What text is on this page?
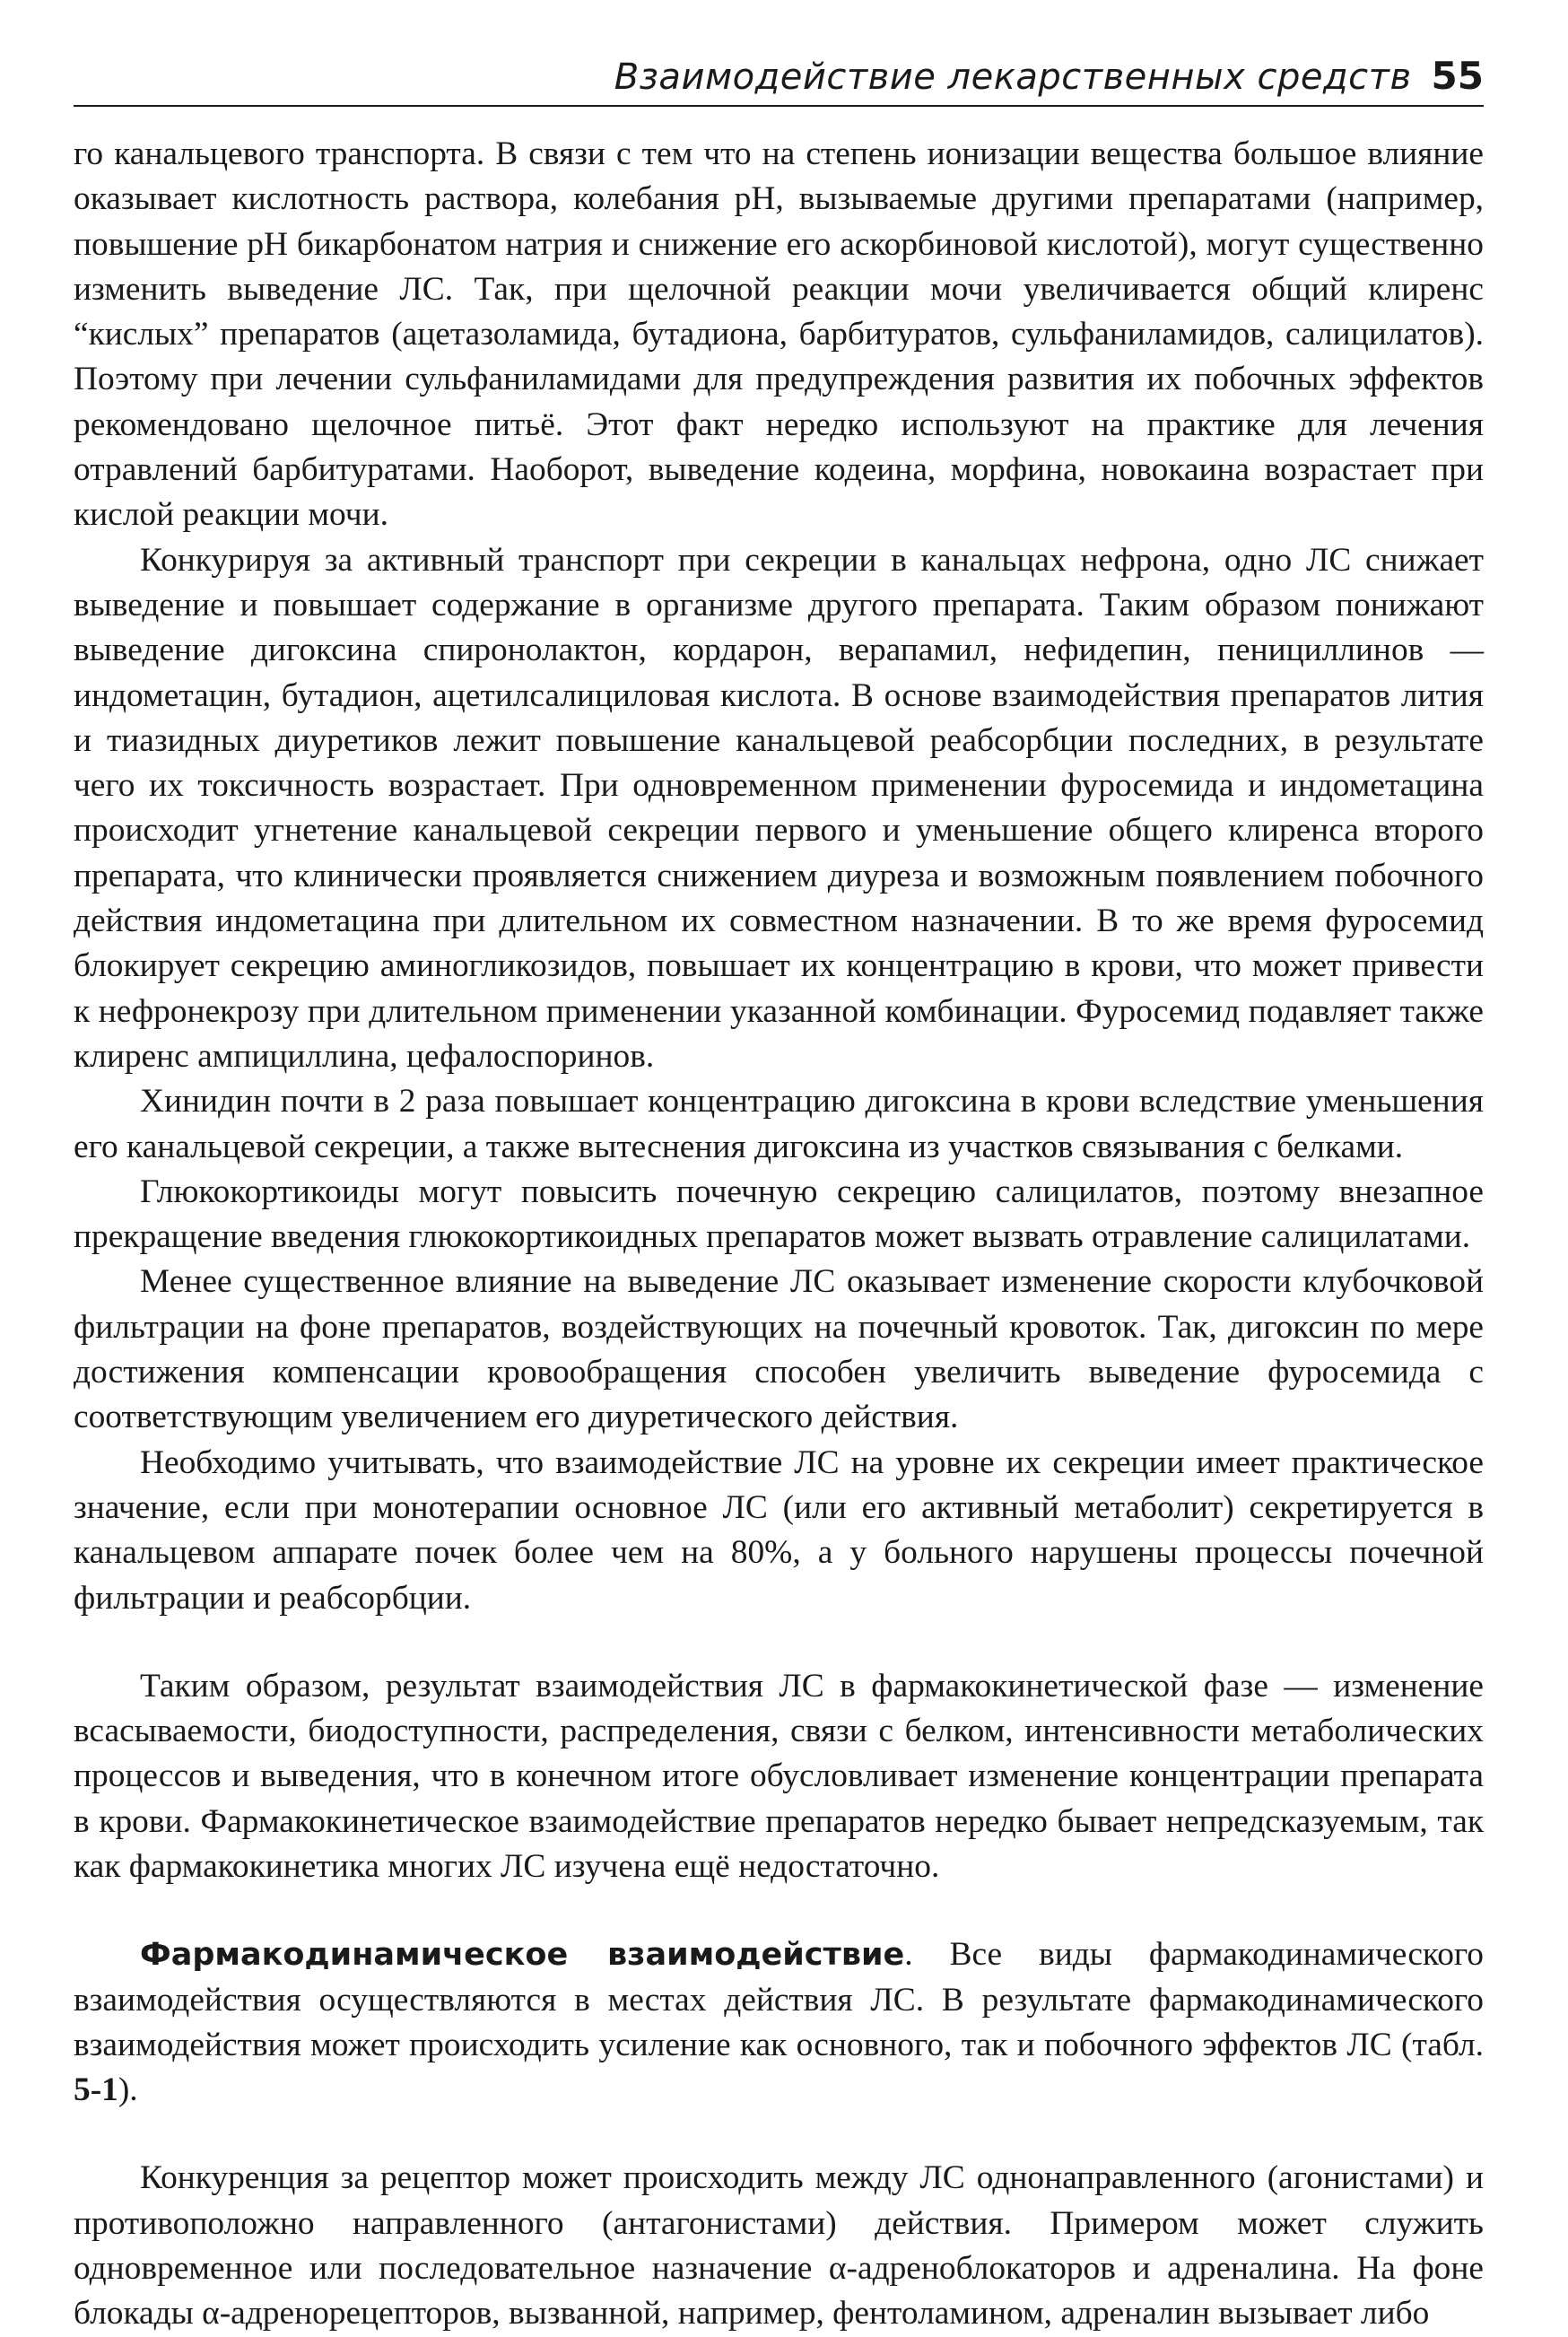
Взаимодействие лекарственных средств 55

го канальцевого транспорта. В связи с тем что на степень ионизации вещества большое влияние оказывает кислотность раствора, колебания pH, вызываемые другими препаратами (например, повышение pH бикарбонатом натрия и снижение его аскорбиновой кислотой), могут существенно изменить выведение ЛС. Так, при щелочной реакции мочи увеличивается общий клиренс “кислых” препаратов (ацетазоламида, бутадиона, барбитуратов, сульфаниламидов, салицилатов). Поэтому при лечении сульфаниламидами для предупреждения развития их побочных эффектов рекомендовано щелочное питьё. Этот факт нередко используют на практике для лечения отравлений барбитуратами. Наоборот, выведение кодеина, морфина, новокаина возрастает при кислой реакции мочи.

Конкурируя за активный транспорт при секреции в канальцах нефрона, одно ЛС снижает выведение и повышает содержание в организме другого препарата. Таким образом понижают выведение дигоксина спиронолактон, кордарон, верапамил, нефидепин, пенициллинов — индометацин, бутадион, ацетилсалициловая кислота. В основе взаимодействия препаратов лития и тиазидных диуретиков лежит повышение канальцевой реабсорбции последних, в результате чего их токсичность возрастает. При одновременном применении фуросемида и индометацина происходит угнетение канальцевой секреции первого и уменьшение общего клиренса второго препарата, что клинически проявляется снижением диуреза и возможным появлением побочного действия индометацина при длительном их совместном назначении. В то же время фуросемид блокирует секрецию аминогликозидов, повышает их концентрацию в крови, что может привести к нефронекрозу при длительном применении указанной комбинации. Фуросемид подавляет также клиренс ампициллина, цефалоспоринов.

Хинидин почти в 2 раза повышает концентрацию дигоксина в крови вследствие уменьшения его канальцевой секреции, а также вытеснения дигоксина из участков связывания с белками.

Глюкокортикоиды могут повысить почечную секрецию салицилатов, поэтому внезапное прекращение введения глюкокортикоидных препаратов может вызвать отравление салицилатами.

Менее существенное влияние на выведение ЛС оказывает изменение скорости клубочковой фильтрации на фоне препаратов, воздействующих на почечный кровоток. Так, дигоксин по мере достижения компенсации кровообращения способен увеличить выведение фуросемида с соответствующим увеличением его диуретического действия.

Необходимо учитывать, что взаимодействие ЛС на уровне их секреции имеет практическое значение, если при монотерапии основное ЛС (или его активный метаболит) секретируется в канальцевом аппарате почек более чем на 80%, а у больного нарушены процессы почечной фильтрации и реабсорбции.

Таким образом, результат взаимодействия ЛС в фармакокинетической фазе — изменение всасываемости, биодоступности, распределения, связи с белком, интенсивности метаболических процессов и выведения, что в конечном итоге обусловливает изменение концентрации препарата в крови. Фармакокинетическое взаимодействие препаратов нередко бывает непредсказуемым, так как фармакокинетика многих ЛС изучена ещё недостаточно.

Фармакодинамическое взаимодействие. Все виды фармакодинамического взаимодействия осуществляются в местах действия ЛС. В результате фармакодинамического взаимодействия может происходить усиление как основного, так и побочного эффектов ЛС (табл. 5-1).

Конкуренция за рецептор может происходить между ЛС однонаправленного (агонистами) и противоположно направленного (антагонистами) действия. Примером может служить одновременное или последовательное назначение α-адреноблокаторов и адреналина. На фоне блокады α-адренорецепторов, вызванной, например, фентоламином, адреналин вызывает либо
